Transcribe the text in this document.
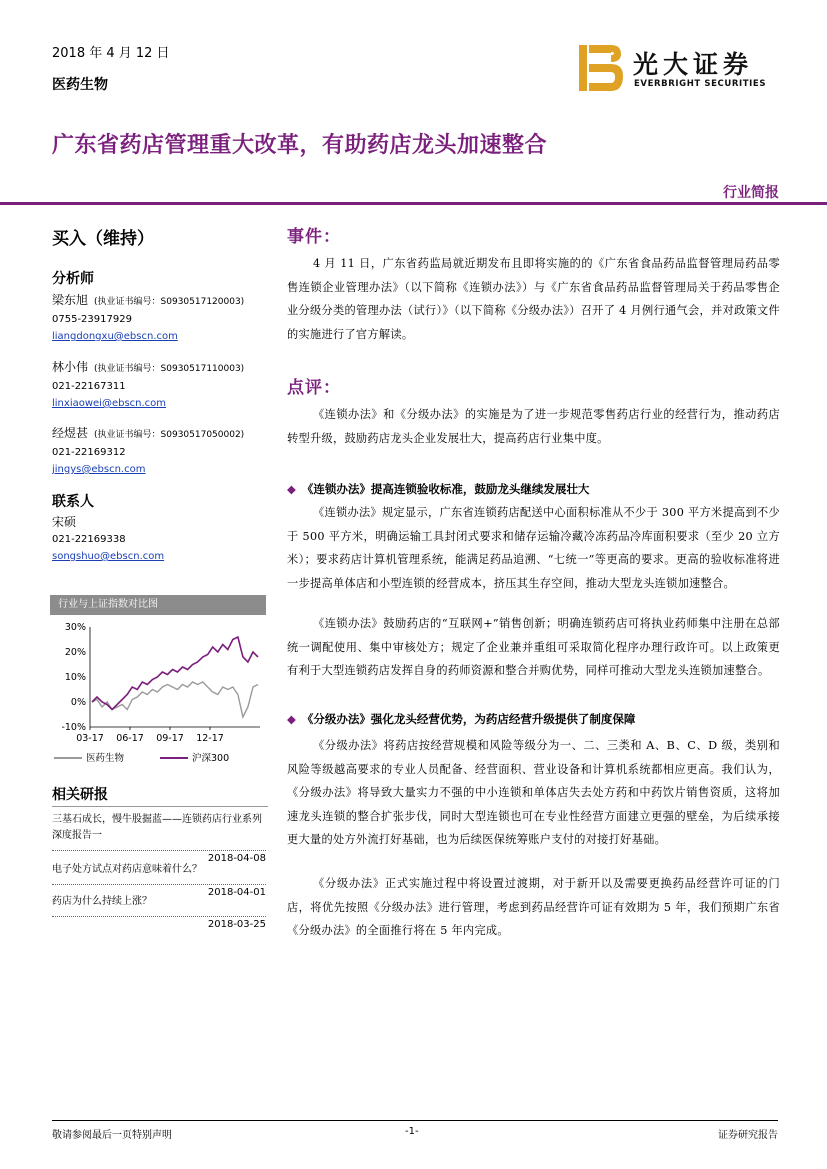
2018 年 4 月 12 日
医药生物
光大证券
EVERBRIGHT SECURITIES
广东省药店管理重大改革，有助药店龙头加速整合
行业简报
买入（维持）
分析师
梁东旭 (执业证书编号：S0930517120003)
0755-23917929
liangdongxu@ebscn.com
林小伟 (执业证书编号：S0930517110003)
021-22167311
linxiaowei@ebscn.com
经煜甚 (执业证书编号：S0930517050002)
021-22169312
jingys@ebscn.com
联系人
宋硕
021-22169338
songshuo@ebscn.com
行业与上证指数对比图
30%
20%
10%
0%
-10%
03-17 06-17 09-17 12-17
医药生物	沪深300
相关研报
三基石成长，慢牛股掘蓝——连锁药店行业系列深度报告一
2018-04-08
电子处方试点对药店意味着什么？
2018-04-01
药店为什么持续上涨？
2018-03-25
事件：
4 月 11 日，广东省药监局就近期发布且即将实施的的《广东省食品药品监督管理局药品零售连锁企业管理办法》（以下简称《连锁办法》）与《广东省食品药品监督管理局关于药品零售企业分级分类的管理办法（试行）》（以下简称《分级办法》）召开了 4 月例行通气会，并对政策文件的实施进行了官方解读。
点评：
《连锁办法》和《分级办法》的实施是为了进一步规范零售药店行业的经营行为，推动药店转型升级，鼓励药店龙头企业发展壮大，提高药店行业集中度。
◆ 《连锁办法》提高连锁验收标准，鼓励龙头继续发展壮大
《连锁办法》规定显示，广东省连锁药店配送中心面积标准从不少于 300 平方米提高到不少于 500 平方米，明确运输工具封闭式要求和储存运输冷藏冷冻药品冷库面积要求（至少 20 立方米）；要求药店计算机管理系统，能满足药品追溯、“七统一”等更高的要求。更高的验收标准将进一步提高单体店和小型连锁的经营成本，挤压其生存空间，推动大型龙头连锁加速整合。
《连锁办法》鼓励药店的“互联网+”销售创新；明确连锁药店可将执业药师集中注册在总部统一调配使用、集中审核处方；规定了企业兼并重组可采取简化程序办理行政许可。以上政策更有利于大型连锁药店发挥自身的药师资源和整合并购优势，同样可推动大型龙头连锁加速整合。
◆ 《分级办法》强化龙头经营优势，为药店经营升级提供了制度保障
《分级办法》将药店按经营规模和风险等级分为一、二、三类和 A、B、C、D 级，类别和风险等级越高要求的专业人员配备、经营面积、营业设备和计算机系统都相应更高。我们认为，《分级办法》将导致大量实力不强的中小连锁和单体店失去处方药和中药饮片销售资质，这将加速龙头连锁的整合扩张步伐，同时大型连锁也可在专业性经营方面建立更强的壁垒，为后续承接更大量的处方外流打好基础，也为后续医保统筹账户支付的对接打好基础。
《分级办法》正式实施过程中将设置过渡期，对于新开以及需要更换药品经营许可证的门店，将优先按照《分级办法》进行管理，考虑到药品经营许可证有效期为 5 年，我们预期广东省《分级办法》的全面推行将在 5 年内完成。
敬请参阅最后一页特别声明	-1-	证券研究报告
